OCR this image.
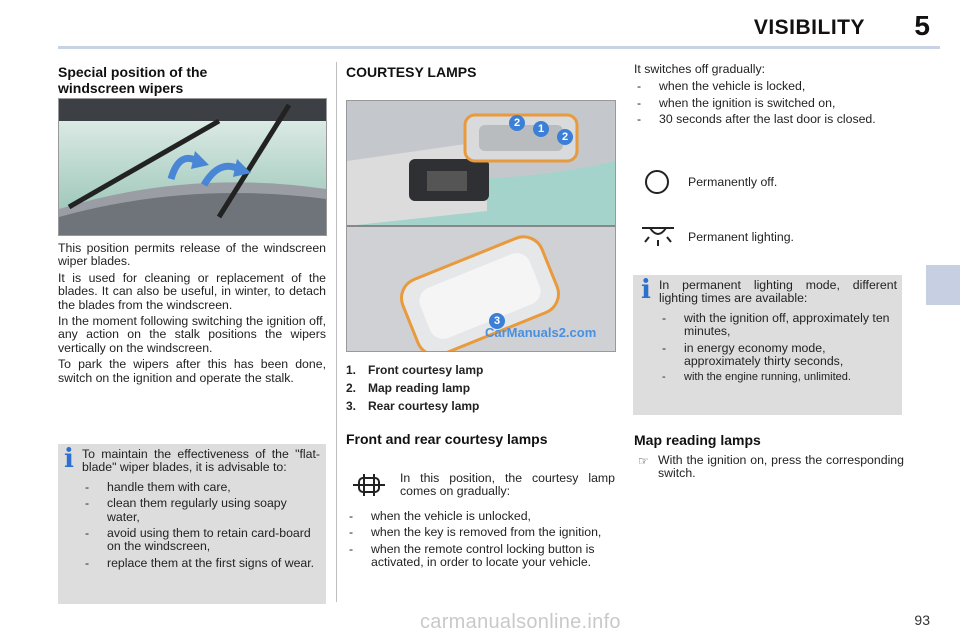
VISIBILITY 5
Special position of the windscreen wipers

This position permits release of the windscreen wiper blades.

It is used for cleaning or replacement of the blades. It can also be useful, in winter, to detach the blades from the windscreen.

In the moment following switching the ignition off, any action on the stalk positions the wipers vertically on the windscreen.

To park the wipers after this has been done, switch on the ignition and operate the stalk.

i To maintain the effectiveness of the "flat-blade" wiper blades, it is advisable to:

- handle them with care,
- clean them regularly using soapy water,
- avoid using them to retain card-board on the windscreen,
- replace them at the first signs of wear.
COURTESY LAMPS
2	1
2
3
CarManuals2.com
1. Front courtesy lamp
2. Map reading lamp
3. Rear courtesy lamp
Front and rear courtesy lamps

In this position, the courtesy lamp comes on gradually:

- when the vehicle is unlocked,
- when the key is removed from the ignition,
- when the remote control locking button is activated, in order to locate your vehicle.

It switches off gradually:

- when the vehicle is locked,
- when the ignition is switched on,
- 30 seconds after the last door is closed.
Permanently off.
Permanent lighting.
i In permanent lighting mode, different lighting times are available:

- with the ignition off, approximately ten minutes,
- in energy economy mode, approximately thirty seconds,
- with the engine running, unlimited.
Map reading lamps
☞ With the ignition on, press the corresponding switch.

93
carmanualsonline.info
